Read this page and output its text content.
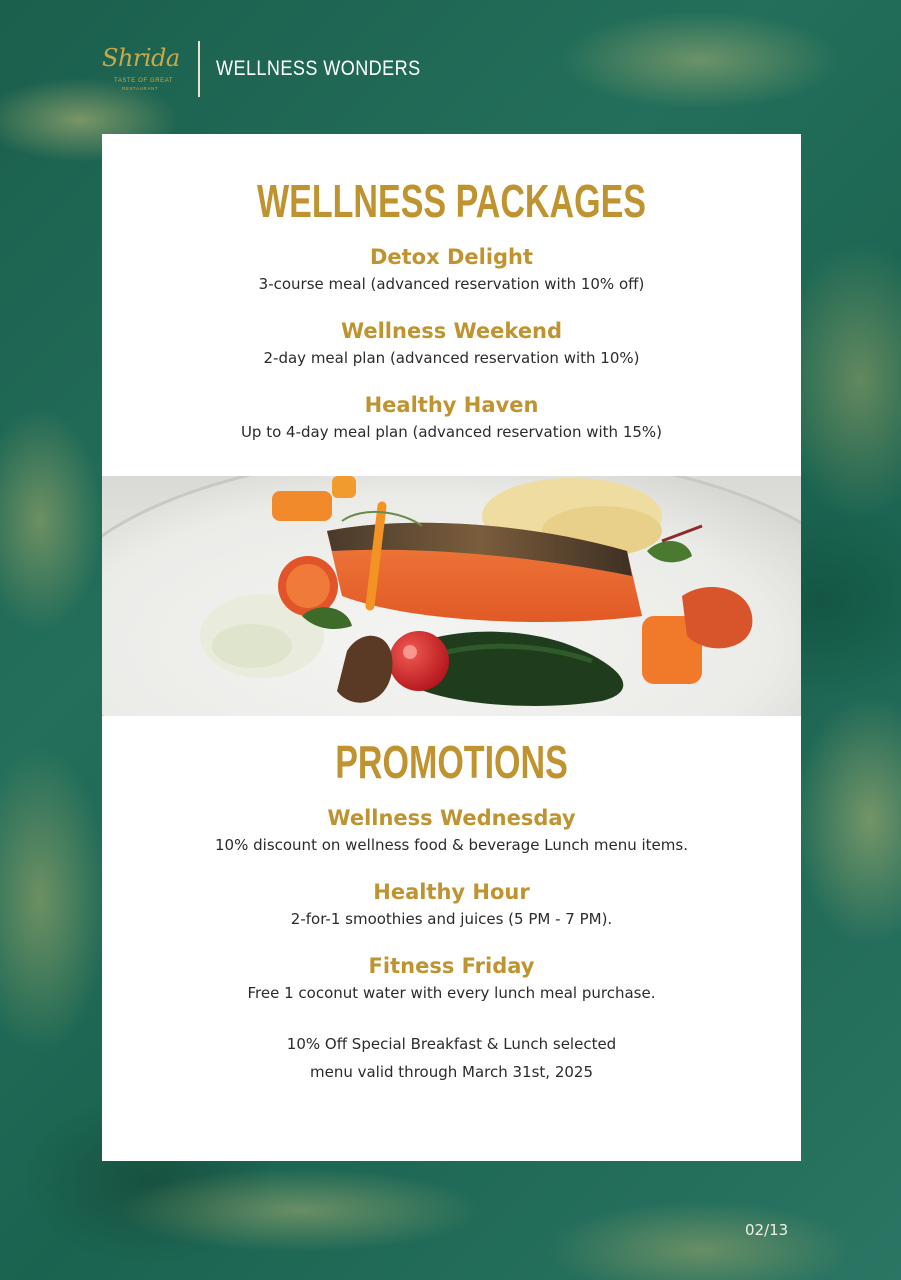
Shrida
TASTE OF GREAT
RESTAURANT
WELLNESS WONDERS
WELLNESS PACKAGES
Detox Delight
3-course meal (advanced reservation with 10% off)
Wellness Weekend
2-day meal plan (advanced reservation with 10%)
Healthy Haven
Up to 4-day meal plan (advanced reservation with 15%)
PROMOTIONS
Wellness Wednesday
10% discount on wellness food & beverage Lunch menu items.
Healthy Hour
2-for-1 smoothies and juices (5 PM - 7 PM).
Fitness Friday
Free 1 coconut water with every lunch meal purchase.
10% Off Special Breakfast & Lunch selected
menu valid through March 31st, 2025
02/13
